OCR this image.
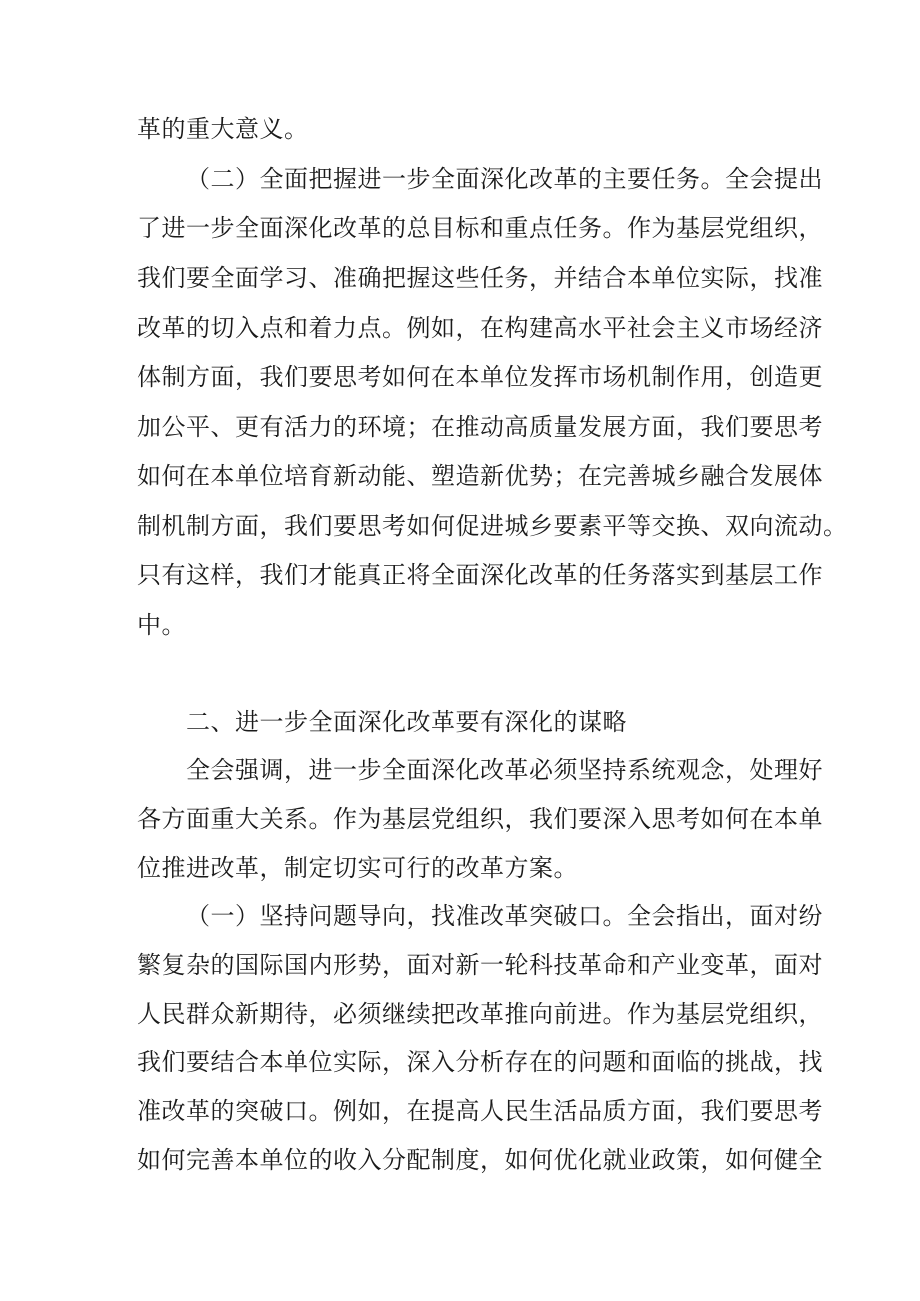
革的重大意义。
（二）全面把握进一步全面深化改革的主要任务。全会提出
了进一步全面深化改革的总目标和重点任务。作为基层党组织，
我们要全面学习、准确把握这些任务，并结合本单位实际，找准
改革的切入点和着力点。例如，在构建高水平社会主义市场经济
体制方面，我们要思考如何在本单位发挥市场机制作用，创造更
加公平、更有活力的环境；在推动高质量发展方面，我们要思考
如何在本单位培育新动能、塑造新优势；在完善城乡融合发展体
制机制方面，我们要思考如何促进城乡要素平等交换、双向流动。
只有这样，我们才能真正将全面深化改革的任务落实到基层工作
中。
二、进一步全面深化改革要有深化的谋略
全会强调，进一步全面深化改革必须坚持系统观念，处理好
各方面重大关系。作为基层党组织，我们要深入思考如何在本单
位推进改革，制定切实可行的改革方案。
（一）坚持问题导向，找准改革突破口。全会指出，面对纷
繁复杂的国际国内形势，面对新一轮科技革命和产业变革，面对
人民群众新期待，必须继续把改革推向前进。作为基层党组织，
我们要结合本单位实际，深入分析存在的问题和面临的挑战，找
准改革的突破口。例如，在提高人民生活品质方面，我们要思考
如何完善本单位的收入分配制度，如何优化就业政策，如何健全
